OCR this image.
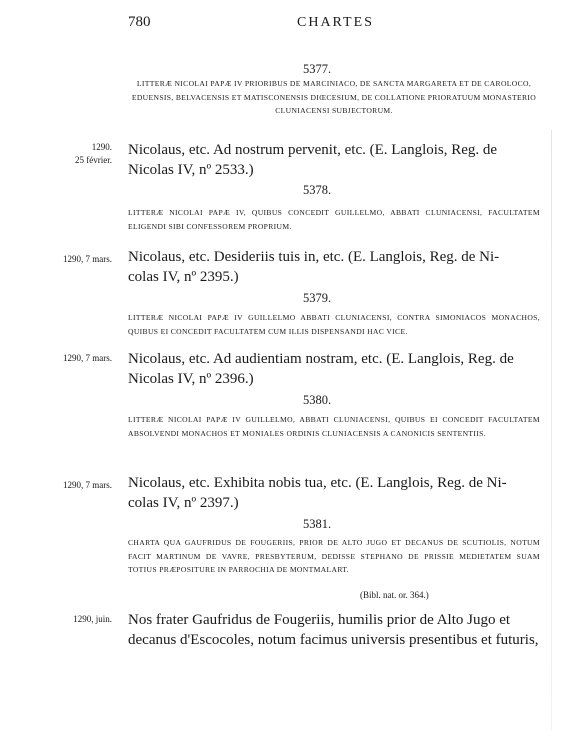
780	CHARTES
5377.
LITTERÆ NICOLAI PAPÆ IV PRIORIBUS DE MARCINIACO, DE SANCTA MARGARETA ET DE CAROLOCO, EDUENSIS, BELVACENSIS ET MATISCONENSIS DIŒCESIUM, DE COLLATIONE PRIORATUUM MONASTERIO CLUNIACENSI SUBJECTORUM.
1290.
25 février.
Nicolaus, etc. Ad nostrum pervenit, etc. (E. Langlois, Reg. de
Nicolas IV, nº 2533.)
5378.
LITTERÆ NICOLAI PAPÆ IV, QUIBUS CONCEDIT GUILLELMO, ABBATI CLUNIACENSI, FACULTATEM ELIGENDI SIBI CONFESSOREM PROPRIUM.
1290, 7 mars. Nicolaus, etc. Desideriis tuis in, etc. (E. Langlois, Reg. de Ni-
colas IV, nº 2395.)
5379.
LITTERÆ NICOLAI PAPÆ IV GUILLELMO ABBATI CLUNIACENSI, CONTRA SIMONIACOS MONACHOS, QUIBUS EI CONCEDIT FACULTATEM CUM ILLIS DISPENSANDI HAC VICE.
1290, 7 mars. Nicolaus, etc. Ad audientiam nostram, etc. (E. Langlois, Reg. de
Nicolas IV, nº 2396.)
5380.
LITTERÆ NICOLAI PAPÆ IV GUILLELMO, ABBATI CLUNIACENSI, QUIBUS EI CONCEDIT FACULTATEM ABSOLVENDI MONACHOS ET MONIALES ORDINIS CLUNIACENSIS A CANONICIS SENTENTIIS.
1290, 7 mars. Nicolaus, etc. Exhibita nobis tua, etc. (E. Langlois, Reg. de Ni-
colas IV, nº 2397.)
5381.
CHARTA QUA GAUFRIDUS DE FOUGERIIS, PRIOR DE ALTO JUGO ET DECANUS DE SCUTIOLIS, NOTUM FACIT MARTINUM DE VAVRE, PRESBYTERUM, DEDISSE STEPHANO DE PRISSIE MEDIETATEM SUAM TOTIUS PRÆPOSITURE IN PARROCHIA DE MONTMALART.
(Bibl. nat. or. 364.)
1290, juin. Nos frater Gaufridus de Fougeriis, humilis prior de Alto Jugo et
decanus d'Escocoles, notum facimus universis presentibus et futuris,
